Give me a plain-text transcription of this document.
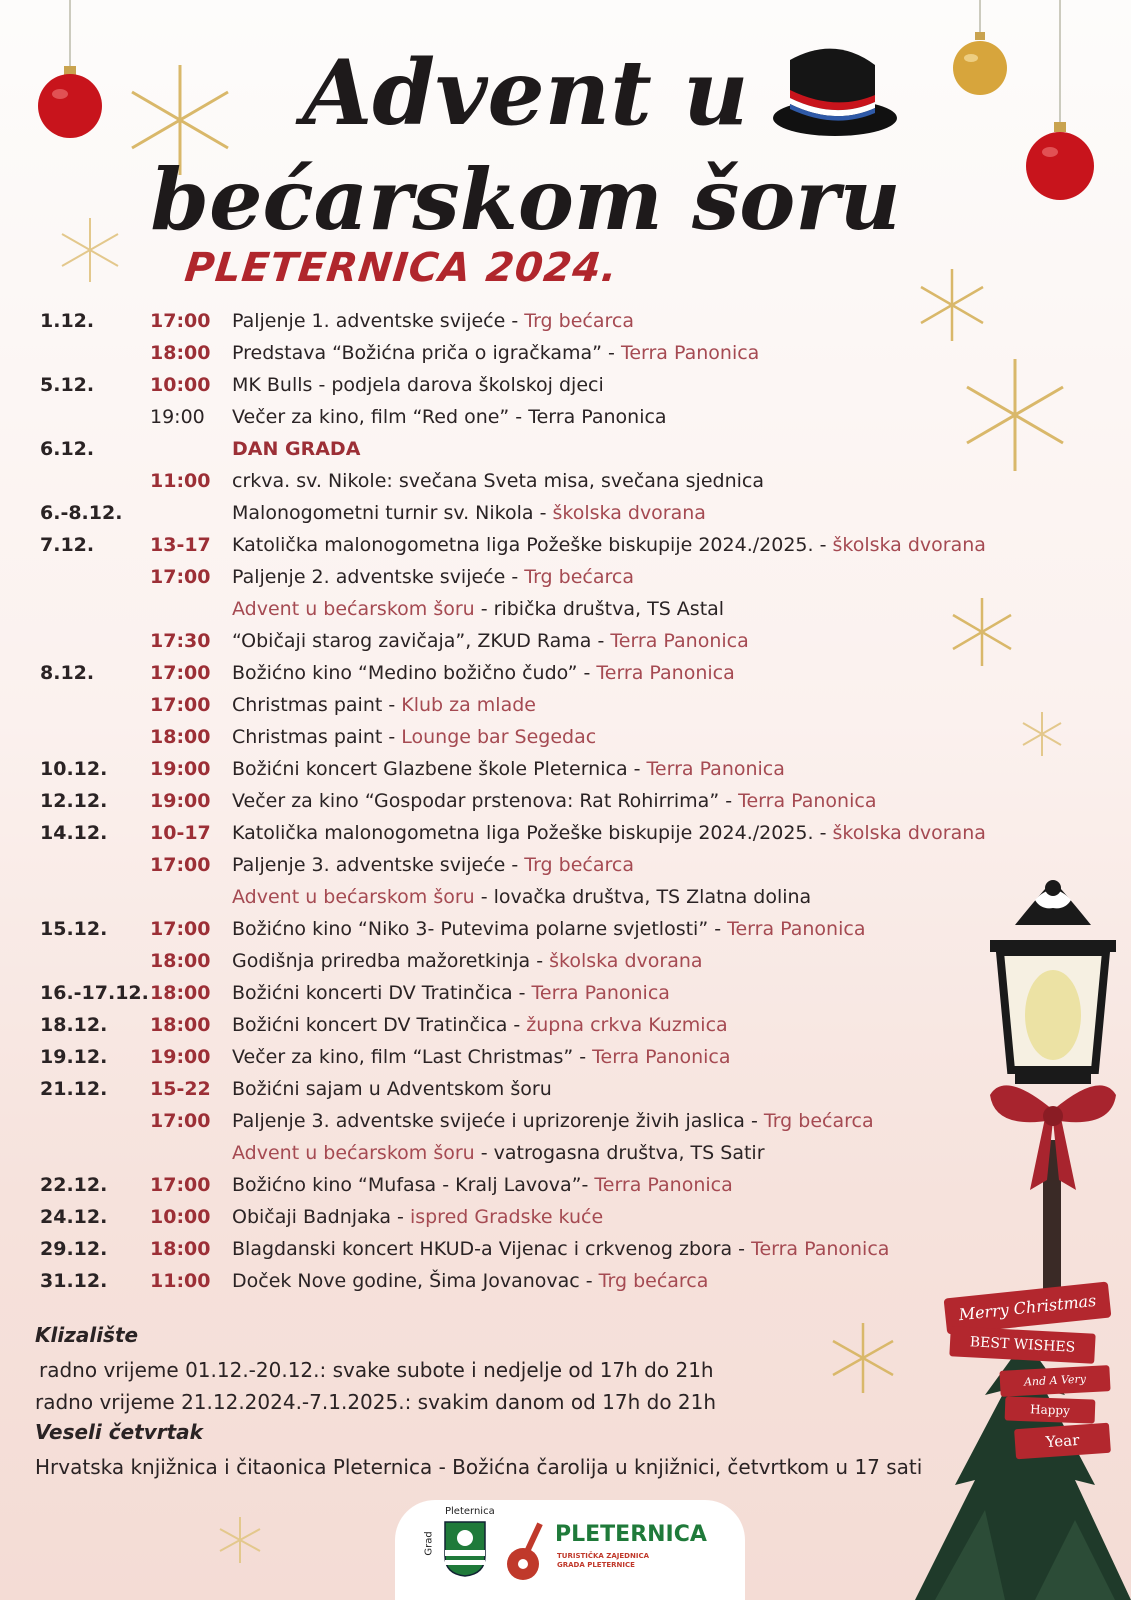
Advent u
bećarskom šoru
PLETERNICA 2024.
1.12.	17:00 Paljenje 1. adventske svijeće - Trg bećarca
18:00 Predstava “Božićna priča o igračkama” - Terra Panonica
5.12.	10:00 MK Bulls - podjela darova školskoj djeci
19:00 Večer za kino, film “Red one” - Terra Panonica
6.12.	DAN GRADA
11:00 crkva. sv. Nikole: svečana Sveta misa, svečana sjednica
6.-8.12.	Malonogometni turnir sv. Nikola - školska dvorana
7.12.	13-17 Katolička malonogometna liga Požeške biskupije 2024./2025. - školska dvorana
17:00 Paljenje 2. adventske svijeće - Trg bećarca
Advent u bećarskom šoru - ribička društva, TS Astal
17:30 “Običaji starog zavičaja”, ZKUD Rama - Terra Panonica
8.12.	17:00 Božićno kino “Medino božično čudo” - Terra Panonica
17:00 Christmas paint - Klub za mlade
18:00 Christmas paint - Lounge bar Segedac
10.12. 19:00 Božićni koncert Glazbene škole Pleternica - Terra Panonica
12.12. 19:00 Večer za kino “Gospodar prstenova: Rat Rohirrima” - Terra Panonica
14.12. 10-17 Katolička malonogometna liga Požeške biskupije 2024./2025. - školska dvorana
17:00 Paljenje 3. adventske svijeće - Trg bećarca
Advent u bećarskom šoru - lovačka društva, TS Zlatna dolina
15.12. 17:00 Božićno kino “Niko 3- Putevima polarne svjetlosti” - Terra Panonica
18:00 Godišnja priredba mažoretkinja - školska dvorana
16.-17.12. 18:00 Božićni koncerti DV Tratinčica - Terra Panonica
18.12. 18:00 Božićni koncert DV Tratinčica - župna crkva Kuzmica
19.12. 19:00 Večer za kino, film “Last Christmas” - Terra Panonica
21.12. 15-22 Božićni sajam u Adventskom šoru
17:00 Paljenje 3. adventske svijeće i uprizorenje živih jaslica - Trg bećarca
Advent u bećarskom šoru - vatrogasna društva, TS Satir
22.12. 17:00 Božićno kino “Mufasa - Kralj Lavova”- Terra Panonica
24.12. 10:00 Običaji Badnjaka - ispred Gradske kuće
29.12. 18:00 Blagdanski koncert HKUD-a Vijenac i crkvenog zbora - Terra Panonica
31.12. 11:00 Doček Nove godine, Šima Jovanovac - Trg bećarca
Klizalište
radno vrijeme 01.12.-20.12.: svake subote i nedjelje od 17h do 21h
radno vrijeme 21.12.2024.-7.1.2025.: svakim danom od 17h do 21h
Veseli četvrtak
Hrvatska knjižnica i čitaonica Pleternica - Božićna čarolija u knjižnici, četvrtkom u 17 sati
Merry Christmas
BEST WISHES
And A Very
Happy
Year
Grad
Pleternica
PLETERNICA
TURISTIČKA ZAJEDNICA
GRADA PLETERNICE
